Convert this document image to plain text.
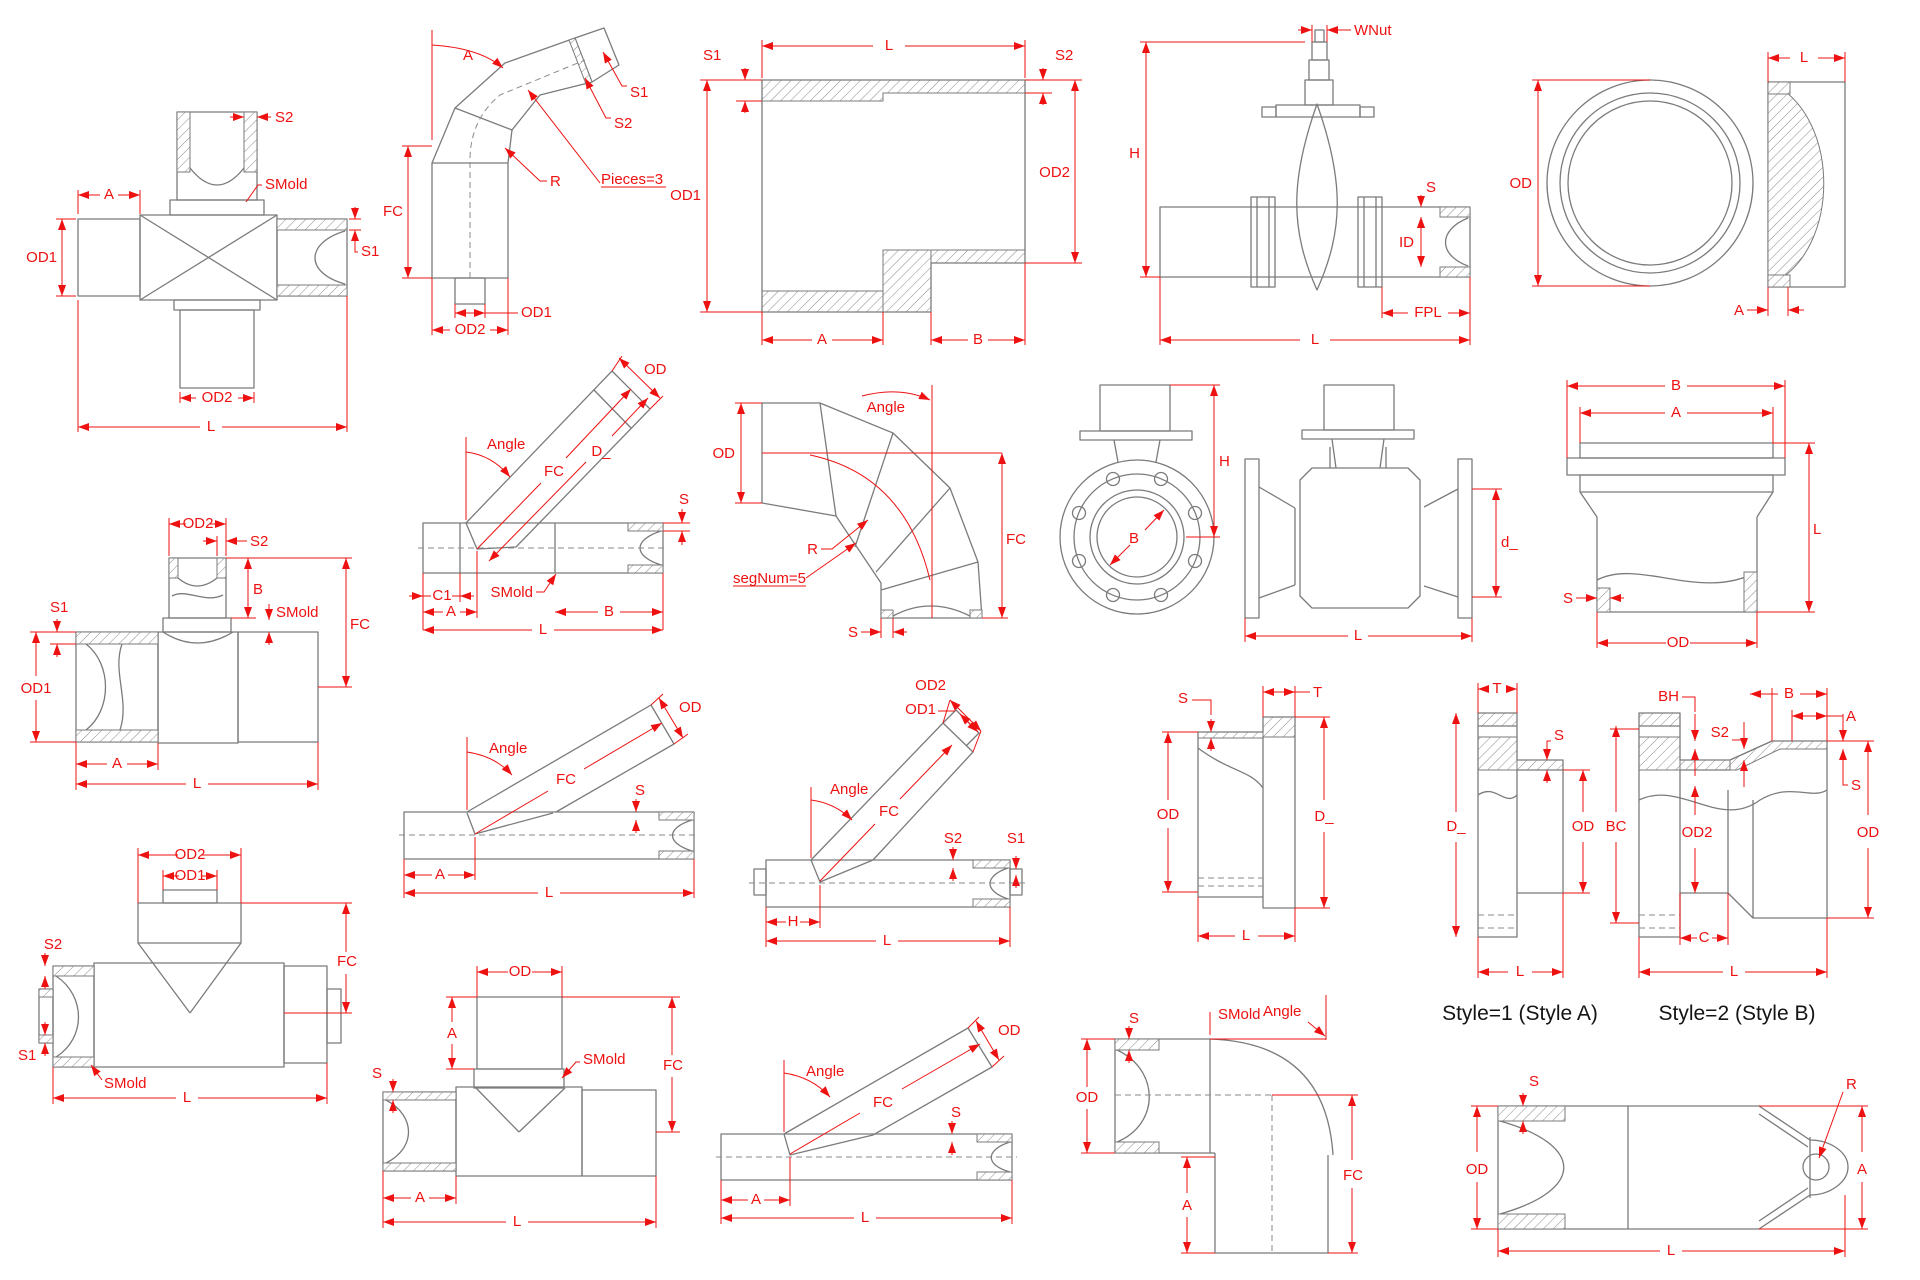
S2
SMold
A
OD1	S1
OD2
L
A
S1
S2
R	Pieces=3
FC
OD1
OD2
S1
L
S2
OD1
OD2
A	B
WNut
H
S
ID
FPL
L
L
OD
A
OD2
S2
S1
B
SMold
FC
OD1
A
L
OD
Angle
FC
D_
S
C1
A
SMold
B
L
Angle
OD
R
segNum=5
FC
S
B
H
d_
L
B
A
L
S
OD
OD
Angle
FC
S
A
L
OD2
OD1
Angle
FC
S2	S1
H
L
S	T
OD	D_
L
T
S
D_	OD
L
Style=1 (Style A)
BH	B
A
S2
S
BC	OD2	OD
C
L
Style=2 (Style B)
OD2
OD1
S2
S1
FC
SMold
L
OD
A
SMold FC
S
A
L
OD
Angle
FC
S
A
L
S	SMold Angle
OD
A
FC
S	R
OD	A
L
